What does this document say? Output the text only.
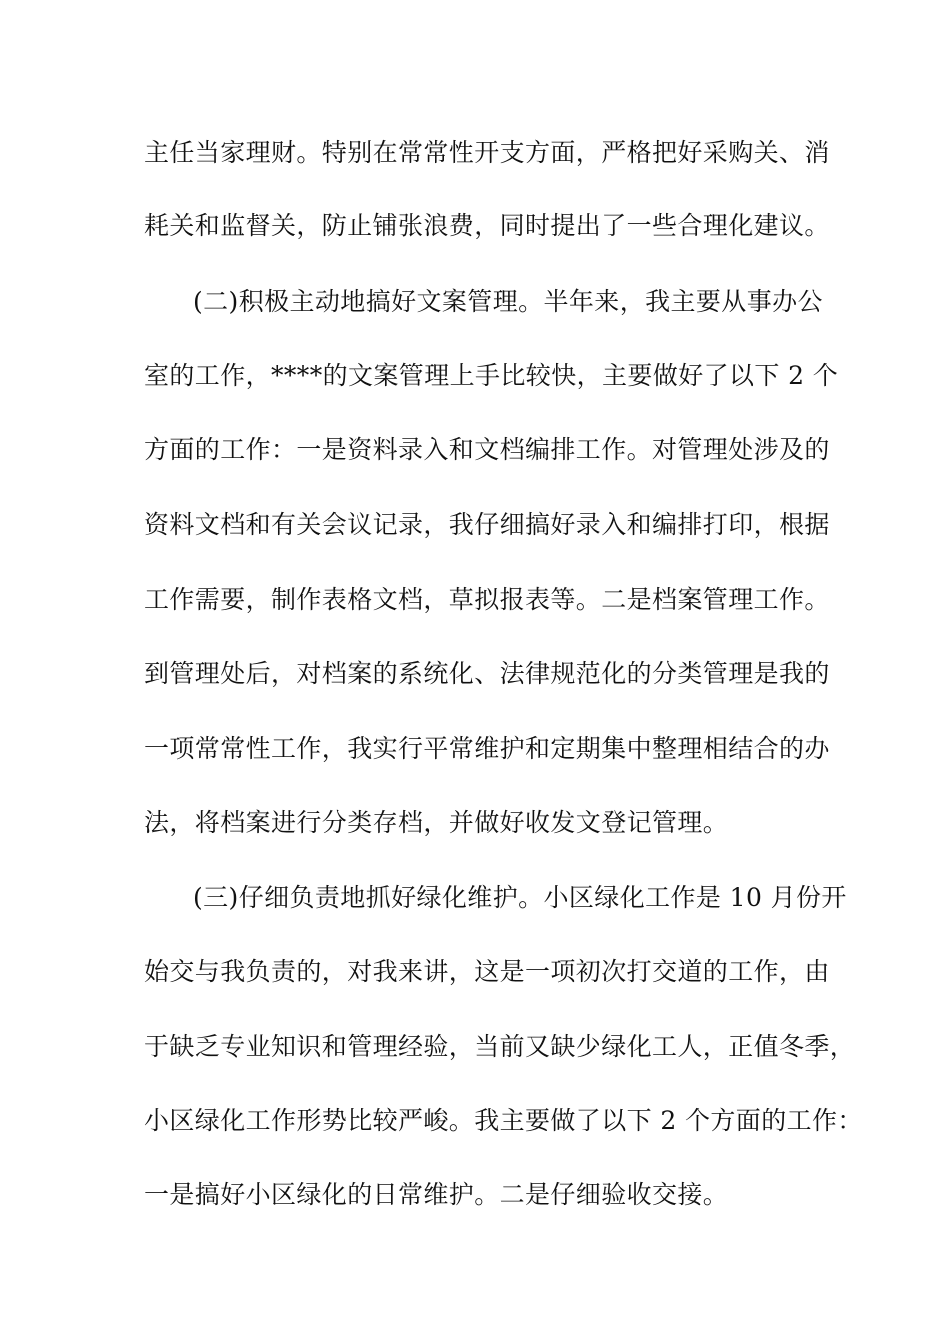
主任当家理财。特别在常常性开支方面，严格把好采购关、消
耗关和监督关，防止铺张浪费，同时提出了一些合理化建议。
(二)积极主动地搞好文案管理。半年来，我主要从事办公
室的工作，****的文案管理上手比较快，主要做好了以下 2 个
方面的工作：一是资料录入和文档编排工作。对管理处涉及的
资料文档和有关会议记录，我仔细搞好录入和编排打印，根据
工作需要，制作表格文档，草拟报表等。二是档案管理工作。
到管理处后，对档案的系统化、法律规范化的分类管理是我的
一项常常性工作，我实行平常维护和定期集中整理相结合的办
法，将档案进行分类存档，并做好收发文登记管理。
(三)仔细负责地抓好绿化维护。小区绿化工作是 10 月份开
始交与我负责的，对我来讲，这是一项初次打交道的工作，由
于缺乏专业知识和管理经验，当前又缺少绿化工人，正值冬季，
小区绿化工作形势比较严峻。我主要做了以下 2 个方面的工作：
一是搞好小区绿化的日常维护。二是仔细验收交接。
